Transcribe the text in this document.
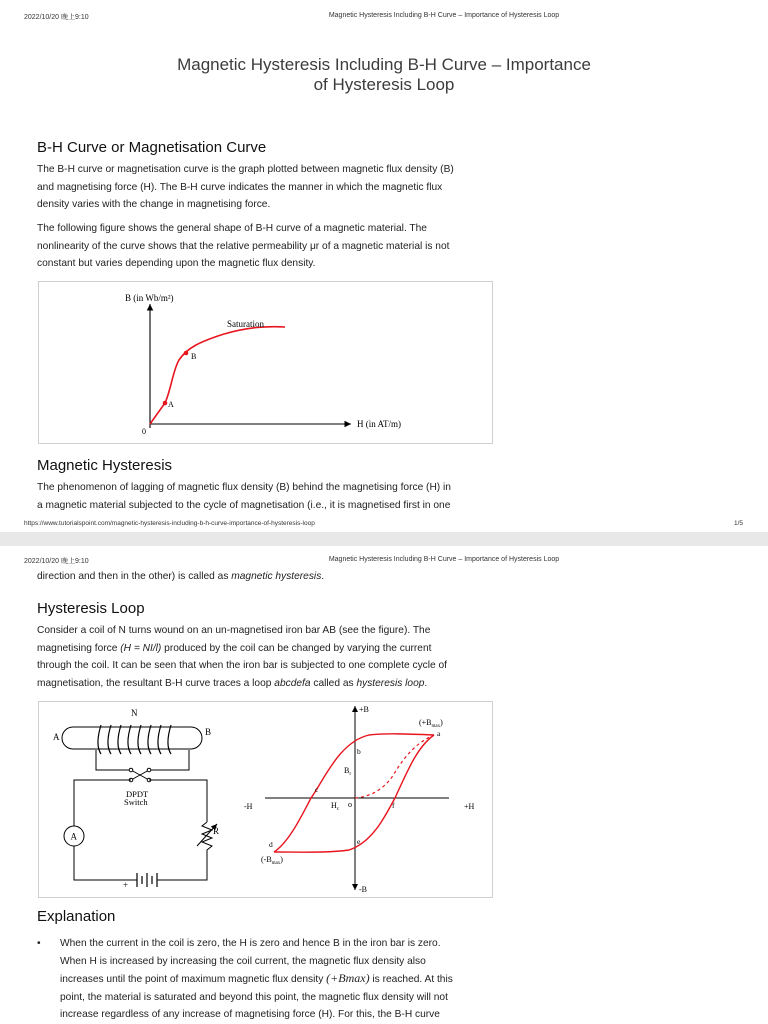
2022/10/20 晚上9:10	Magnetic Hysteresis Including B-H Curve – Importance of Hysteresis Loop
Magnetic Hysteresis Including B-H Curve – Importance
of Hysteresis Loop
B-H Curve or Magnetisation Curve

The B-H curve or magnetisation curve is the graph plotted between magnetic flux density (B)
and magnetising force (H). The B-H curve indicates the manner in which the magnetic flux
density varies with the change in magnetising force.

The following figure shows the general shape of B-H curve of a magnetic material. The
nonlinearity of the curve shows that the relative permeability μr of a magnetic material is not
constant but varies depending upon the magnetic flux density.

B (in Wb/m²)
H (in AT/m)
0
A
B
Saturation
Magnetic Hysteresis

The phenomenon of lagging of magnetic flux density (B) behind the magnetising force (H) in
a magnetic material subjected to the cycle of magnetisation (i.e., it is magnetised first in one

https://www.tutorialspoint.com/magnetic-hysteresis-including-b-h-curve-importance-of-hysteresis-loop	1/5
2022/10/20 晚上9:10	Magnetic Hysteresis Including B-H Curve – Importance of Hysteresis Loop

direction and then in the other) is called as magnetic hysteresis.

Hysteresis Loop

Consider a coil of N turns wound on an un-magnetised iron bar AB (see the figure). The
magnetising force (H = NI/l) produced by the coil can be changed by varying the current
through the coil. It can be seen that when the iron bar is subjected to one complete cycle of
magnetisation, the resultant B-H curve traces a loop abcdefa called as hysteresis loop.

N
A	B
DPDT
Switch
A
R
+
+B
-B
+H
-H	o
a
b
c
d	e
f
$B_r$
$H_c$
$(+B_{max})$
$(-B_{max})$
Explanation
• When the current in the coil is zero, the H is zero and hence B in the iron bar is zero.
When H is increased by increasing the coil current, the magnetic flux density also
increases until the point of maximum magnetic flux density (+Bmax) is reached. At this
point, the material is saturated and beyond this point, the magnetic flux density will not
increase regardless of any increase of magnetising force (H). For this, the B-H curve
